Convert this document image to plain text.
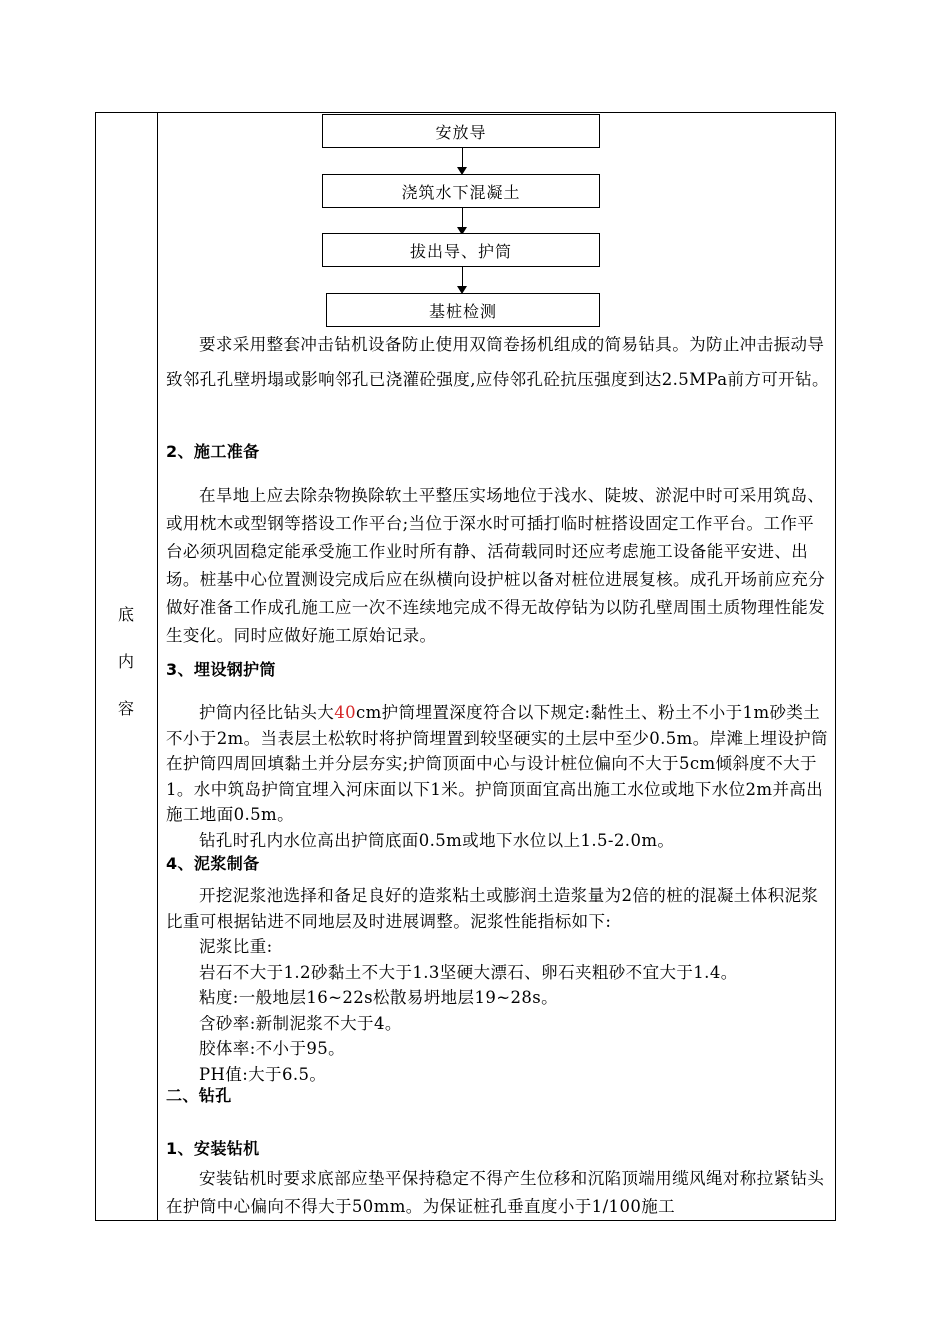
底
内
容
安放导
浇筑水下混凝土
拔出导、护筒
基桩检测

要求采用整套冲击钻机设备防止使用双筒卷扬机组成的简易钻具。为防止冲击振动导致邻孔孔壁坍塌或影响邻孔已浇灌砼强度,应侍邻孔砼抗压强度到达2.5MPa前方可开钻。

2、施工准备

在旱地上应去除杂物换除软土平整压实场地位于浅水、陡坡、淤泥中时可采用筑岛、或用枕木或型钢等搭设工作平台;当位于深水时可插打临时桩搭设固定工作平台。工作平台必须巩固稳定能承受施工作业时所有静、活荷载同时还应考虑施工设备能平安进、出场。桩基中心位置测设完成后应在纵横向设护桩以备对桩位进展复核。成孔开场前应充分做好准备工作成孔施工应一次不连续地完成不得无故停钻为以防孔壁周围土质物理性能发生变化。同时应做好施工原始记录。

3、埋设钢护筒

护筒内径比钻头大40cm护筒埋置深度符合以下规定:黏性土、粉土不小于1m砂类土不小于2m。当表层土松软时将护筒埋置到较坚硬实的土层中至少0.5m。岸滩上埋设护筒在护筒四周回填黏土并分层夯实;护筒顶面中心与设计桩位偏向不大于5cm倾斜度不大于1。水中筑岛护筒宜埋入河床面以下1米。护筒顶面宜高出施工水位或地下水位2m并高出施工地面0.5m。

钻孔时孔内水位高出护筒底面0.5m或地下水位以上1.5-2.0m。

4、泥浆制备

开挖泥浆池选择和备足良好的造浆粘土或膨润土造浆量为2倍的桩的混凝土体积泥浆比重可根据钻进不同地层及时进展调整。泥浆性能指标如下:

泥浆比重:

岩石不大于1.2砂黏土不大于1.3坚硬大漂石、卵石夹粗砂不宜大于1.4。

粘度:一般地层16~22s松散易坍地层19~28s。

含砂率:新制泥浆不大于4。

胶体率:不小于95。

PH值:大于6.5。

二、钻孔

1、安装钻机

安装钻机时要求底部应垫平保持稳定不得产生位移和沉陷顶端用缆风绳对称拉紧钻头在护筒中心偏向不得大于50mm。为保证桩孔垂直度小于1/100施工
